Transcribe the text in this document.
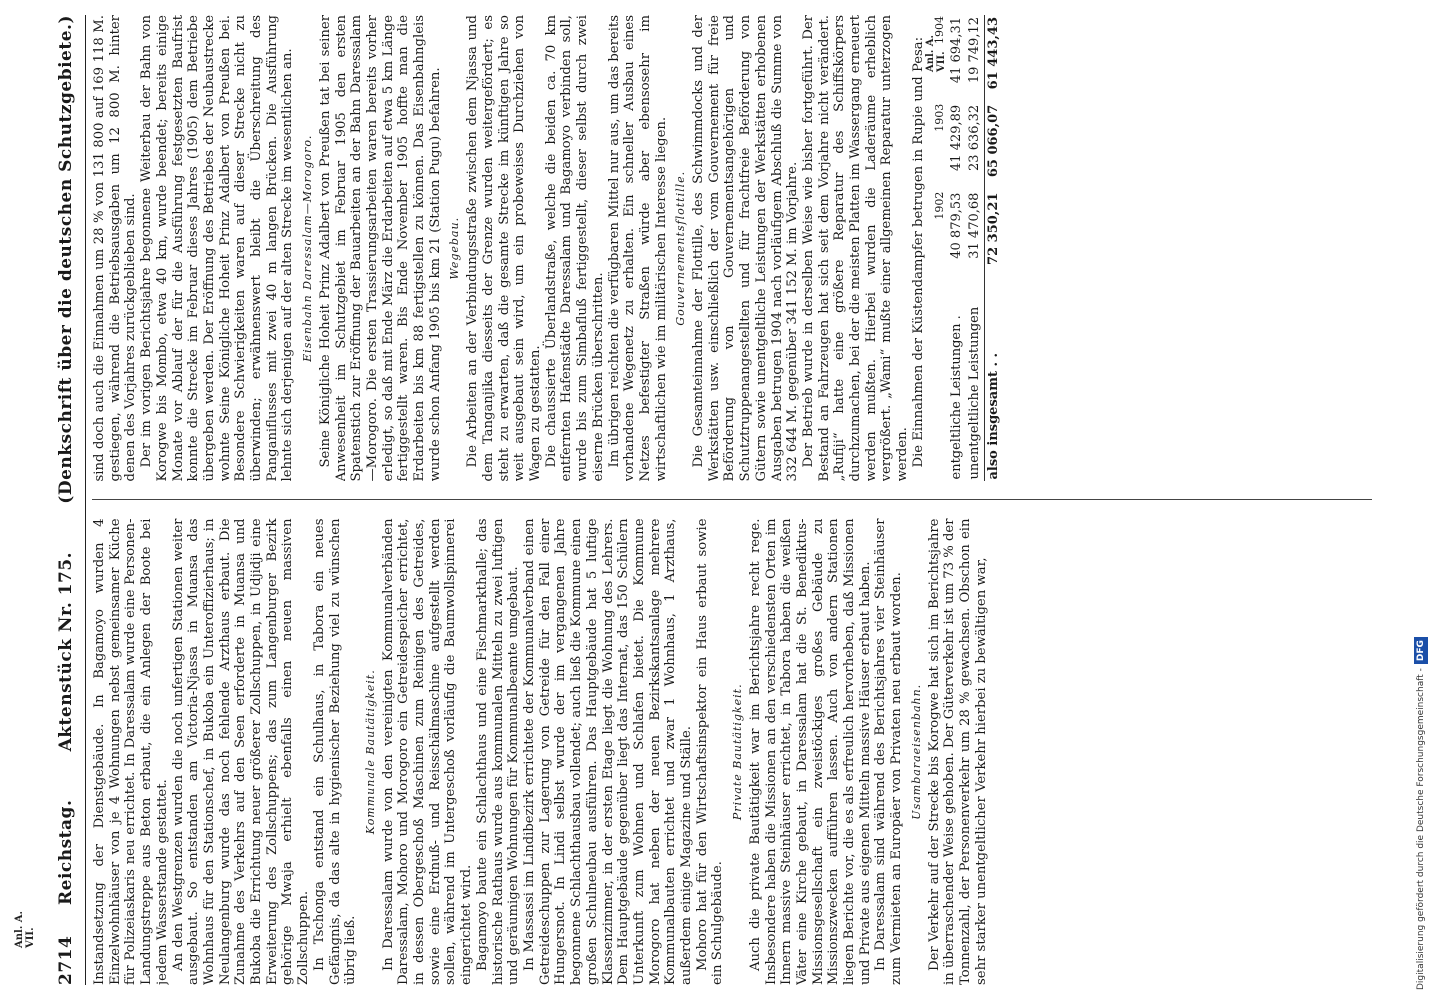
2714
Reichstag.
Aktenstück Nr. 175.
(Denkschrift über die deutschen Schutzgebiete.)

Instandsetzung der Dienstgebäude. In Bagamoyo wurden 4 Einzelwohnhäuser von je 4 Wohnungen nebst gemeinsamer Küche für Polizeiaskaris neu errichtet. In Daressalam wurde eine Personen-Landungstreppe aus Beton erbaut, die ein Anlegen der Boote bei jedem Wasserstande gestattet. An den Westgrenzen wurden die noch unfertigen Stationen weiter ausgebaut. So entstanden am Victoria-Njassa in Muansa das Wohnhaus für den Stationschef, in Bukoba ein Unteroffizierhaus; in Neulangenburg wurde das noch fehlende Arzthaus erbaut. Die Zunahme des Verkehrs auf den Seen erforderte in Muansa und Bukoba die Errichtung neuer größerer Zollschuppen, in Udjidji eine Erweiterung des Zollschuppens; das zum Langenburger Bezirk gehörige Mwaja erhielt ebenfalls einen neuen massiven Zollschuppen. In Tschonga entstand ein Schulhaus, in Tabora ein neues Gefängnis, da das alte in hygienischer Beziehung viel zu wünschen übrig ließ.

Kommunale Bautätigkeit. In Daressalam wurde von den vereinigten Kommunalverbänden Daressalam, Mohoro und Morogoro ein Getreidespeicher errichtet, in dessen Obergeschoß Maschinen zum Reinigen des Getreides, sowie eine Erdnuß- und Reisschälmaschine aufgestellt werden sollen, während im Untergeschoß vorläufig die Baumwollspinnerei eingerichtet wird. Bagamoyo baute ein Schlachthaus und eine Fischmarkthalle; das historische Rathaus wurde aus kommunalen Mitteln zu zwei luftigen und geräumigen Wohnungen für Kommunalbeamte umgebaut. In Massassi im Lindibezirk errichtete der Kommunalverband einen Getreideschuppen zur Lagerung von Getreide für den Fall einer Hungersnot. In Lindi selbst wurde der im vergangenen Jahre begonnene Schlachthausbau vollendet; auch ließ die Kommune einen großen Schulneubau ausführen. Das Hauptgebäude hat 5 luftige Klassenzimmer, in der ersten Etage liegt die Wohnung des Lehrers. Dem Hauptgebäude gegenüber liegt das Internat, das 150 Schülern Unterkunft zum Wohnen und Schlafen bietet. Die Kommune Morogoro hat neben der neuen Bezirkskantsanlage mehrere Kommunalbauten errichtet und zwar 1 Wohnhaus, 1 Arzthaus, außerdem einige Magazine und Ställe. Mohoro hat für den Wirtschaftsinspektor ein Haus erbaut sowie ein Schulgebäude.

Private Bautätigkeit. Auch die private Bautätigkeit war im Berichtsjahre recht rege. Insbesondere haben die Missionen an den verschiedensten Orten im Innern massive Steinhäuser errichtet, in Tabora haben die weißen Väter eine Kirche gebaut, in Daressalam hat die St. Benediktus-Missionsgesellschaft ein zweistöckiges großes Gebäude zu Missionszwecken aufführen lassen. Auch von andern Stationen liegen Berichte vor, die es als erfreulich hervorheben, daß Missionen und Private aus eigenen Mitteln massive Häuser erbaut haben. In Daressalam sind während des Berichtsjahres vier Steinhäuser zum Vermieten an Europäer von Privaten neu erbaut worden. Usambaraeisenbahn. Der Verkehr auf der Strecke bis Korogwe hat sich im Berichtsjahre in überraschender Weise gehoben. Der Güterverkehr ist um 73 % der Tonnenzahl, der Personenverkehr um 28 % gewachsen. Obschon ein sehr starker unentgeltlicher Verkehr hierbei zu bewältigen war,

sind doch auch die Einnahmen um 28 % von 131 800 auf 169 118 M. gestiegen, während die Betriebsausgaben um 12 800 M. hinter denen des Vorjahres zurückgeblieben sind. Der im vorigen Berichtsjahre begonnene Weiterbau der Bahn von Korogwe bis Mombo, etwa 40 km, wurde beendet; bereits einige Monate vor Ablauf der für die Ausführung festgesetzten Baufrist konnte die Strecke im Februar dieses Jahres (1905) dem Betriebe übergeben werden. Der Eröffnung des Betriebes der Neubaustrecke wohnte Seine Königliche Hoheit Prinz Adalbert von Preußen bei. Besondere Schwierigkeiten waren auf dieser Strecke nicht zu überwinden; erwähnenswert bleibt die Überschreitung des Panganiflusses mit zwei 40 m langen Brücken. Die Ausführung lehnte sich derjenigen auf der alten Strecke im wesentlichen an. Eisenbahn Daressalam—Morogoro. Seine Königliche Hoheit Prinz Adalbert von Preußen tat bei seiner Anwesenheit im Schutzgebiet im Februar 1905 den ersten Spatenstich zur Eröffnung der Bauarbeiten an der Bahn Daressalam—Morogoro. Die ersten Trassierungsarbeiten waren bereits vorher erledigt, so daß mit Ende März die Erdarbeiten auf etwa 5 km Länge fertiggestellt waren. Bis Ende November 1905 hoffte man die Erdarbeiten bis km 88 fertigstellen zu können. Das Eisenbahngleis wurde schon Anfang 1905 bis km 21 (Station Pugu) befahren. Wegebau. Die Arbeiten an der Verbindungsstraße zwischen dem Njassa und dem Tanganjika diesseits der Grenze wurden weitergefördert; es steht zu erwarten, daß die gesamte Strecke im künftigen Jahre so weit ausgebaut sein wird, um ein probeweises Durchziehen von Wagen zu gestatten. Die chaussierte Überlandstraße, welche die beiden ca. 70 km entfernten Hafenstädte Daressalam und Bagamoyo verbinden soll, wurde bis zum Simbafluß fertiggestellt, dieser selbst durch zwei eiserne Brücken überschritten. Im übrigen reichten die verfügbaren Mittel nur aus, um das bereits vorhandene Wegenetz zu erhalten. Ein schneller Ausbau eines Netzes befestigter Straßen würde aber ebensosehr im wirtschaftlichen wie im militärischen Interesse liegen. Gouvernementsflottille. Die Gesamteinnahme der Flottille, des Schwimmdocks und der Werkstätten usw. einschließlich der vom Gouvernement für freie Beförderung von Gouvernementsangehörigen und Schutztruppenangestellten und für frachtfreie Beförderung von Gütern sowie unentgeltliche Leistungen der Werkstätten erhobenen Ausgaben betrugen 1904 nach vorläufigem Abschluß die Summe von 332 644 M. gegenüber 341 152 M. im Vorjahre. Der Betrieb wurde in derselben Weise wie bisher fortgeführt. Der Bestand an Fahrzeugen hat sich seit dem Vorjahre nicht verändert. „Rufiji“ hatte eine größere Reparatur des Schiffskörpers durchzumachen, bei der die meisten Platten im Wassergang erneuert werden mußten. Hierbei wurden die Laderäume erheblich vergrößert. „Wami“ mußte einer allgemeinen Reparatur unterzogen werden. Die Einnahmen der Küstendampfer betrugen in Rupie und Pesa:

	1902	1903	1904
entgeltliche Leistungen .	40 879,53	41 429,89	41 694,31
unentgeltliche Leistungen	31 470,68	23 636,32	19 749,12
also insgesamt . .	72 350,21	65 066,07	61 443,43
Anl. A. VII.
Anl. A. VII.
Digitalisierung gefördert durch die Deutsche Forschungsgemeinschaft -DFG
